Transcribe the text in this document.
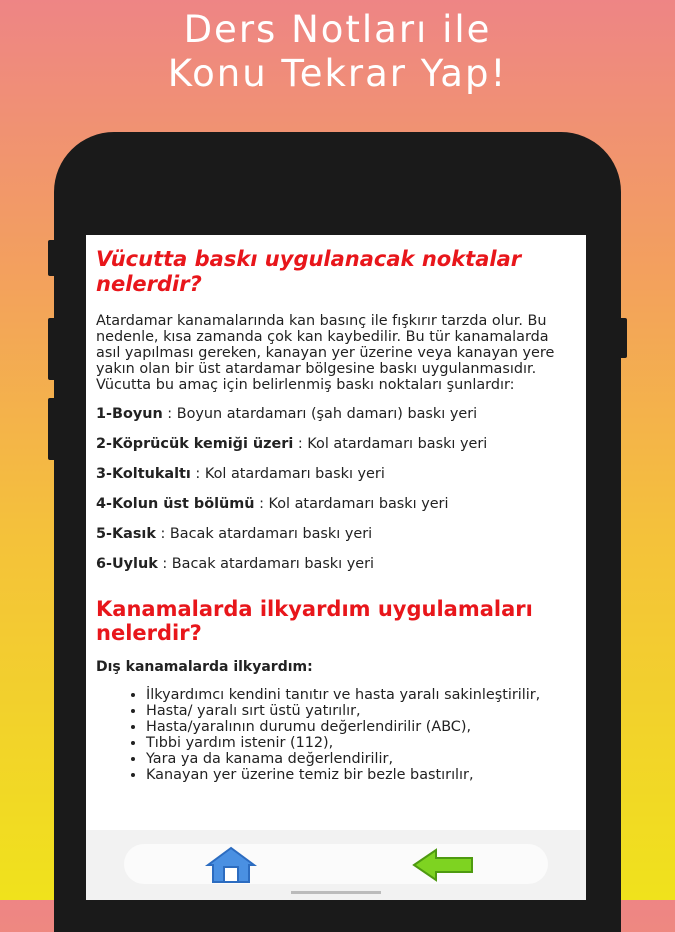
Ders Notları ile
Konu Tekrar Yap!
Vücutta baskı uygulanacak noktalar nelerdir?
Atardamar kanamalarında kan basınç ile fışkırır tarzda olur. Bu nedenle, kısa zamanda çok kan kaybedilir. Bu tür kanamalarda asıl yapılması gereken, kanayan yer üzerine veya kanayan yere yakın olan bir üst atardamar bölgesine baskı uygulanmasıdır. Vücutta bu amaç için belirlenmiş baskı noktaları şunlardır:
1-Boyun : Boyun atardamarı (şah damarı) baskı yeri
2-Köprücük kemiği üzeri : Kol atardamarı baskı yeri
3-Koltukaltı : Kol atardamarı baskı yeri
4-Kolun üst bölümü : Kol atardamarı baskı yeri
5-Kasık : Bacak atardamarı baskı yeri
6-Uyluk : Bacak atardamarı baskı yeri
Kanamalarda ilkyardım uygulamaları nelerdir?
Dış kanamalarda ilkyardım:
• İlkyardımcı kendini tanıtır ve hasta yaralı sakinleştirilir,
• Hasta/ yaralı sırt üstü yatırılır,
• Hasta/yaralının durumu değerlendirilir (ABC),
• Tıbbi yardım istenir (112),
• Yara ya da kanama değerlendirilir,
• Kanayan yer üzerine temiz bir bezle bastırılır,
